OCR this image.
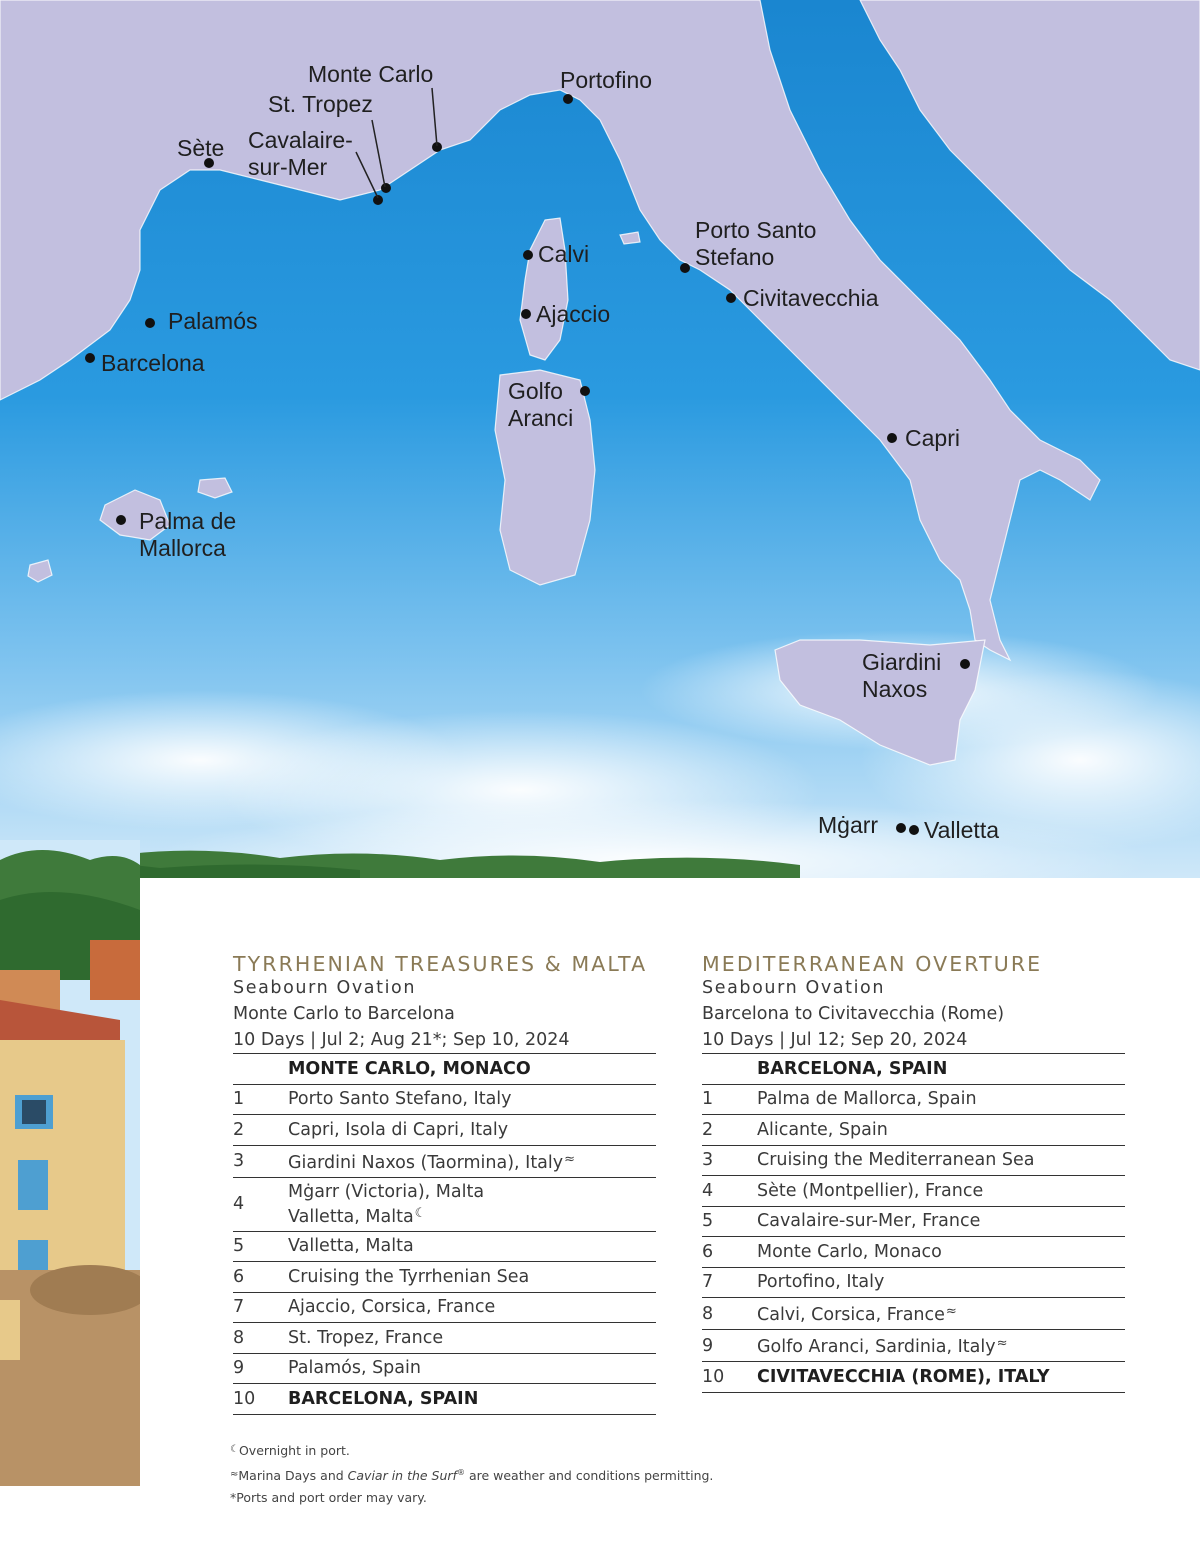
Monte Carlo
St. Tropez
Portofino
Sète Cavalaire-sur-Mer
Calvi
Porto Santo Stefano
Civitavecchia
Ajaccio
Palamós
Barcelona
Golfo Aranci
Capri
Palma de Mallorca
Giardini Naxos
Mġarr Valletta
TYRRHENIAN TREASURES & MALTA
Seabourn Ovation
Monte Carlo to Barcelona
10 Days | Jul 2; Aug 21*; Sep 10, 2024
MONTE CARLO, MONACO
1	Porto Santo Stefano, Italy
2	Capri, Isola di Capri, Italy
3	Giardini Naxos (Taormina), Italy≈
4
Mġarr (Victoria), Malta
Valletta, Malta☾
5	Valletta, Malta
6	Cruising the Tyrrhenian Sea
7	Ajaccio, Corsica, France
8	St. Tropez, France
9	Palamós, Spain
10	BARCELONA, SPAIN
MEDITERRANEAN OVERTURE
Seabourn Ovation
Barcelona to Civitavecchia (Rome)
10 Days | Jul 12; Sep 20, 2024
BARCELONA, SPAIN
1	Palma de Mallorca, Spain
2	Alicante, Spain
3	Cruising the Mediterranean Sea
4	Sète (Montpellier), France
5	Cavalaire-sur-Mer, France
6	Monte Carlo, Monaco
7	Portofino, Italy
8	Calvi, Corsica, France≈
9	Golfo Aranci, Sardinia, Italy≈
10	CIVITAVECCHIA (ROME), ITALY
☾Overnight in port.
≈Marina Days and Caviar in the Surf® are weather and conditions permitting.
*Ports and port order may vary.
